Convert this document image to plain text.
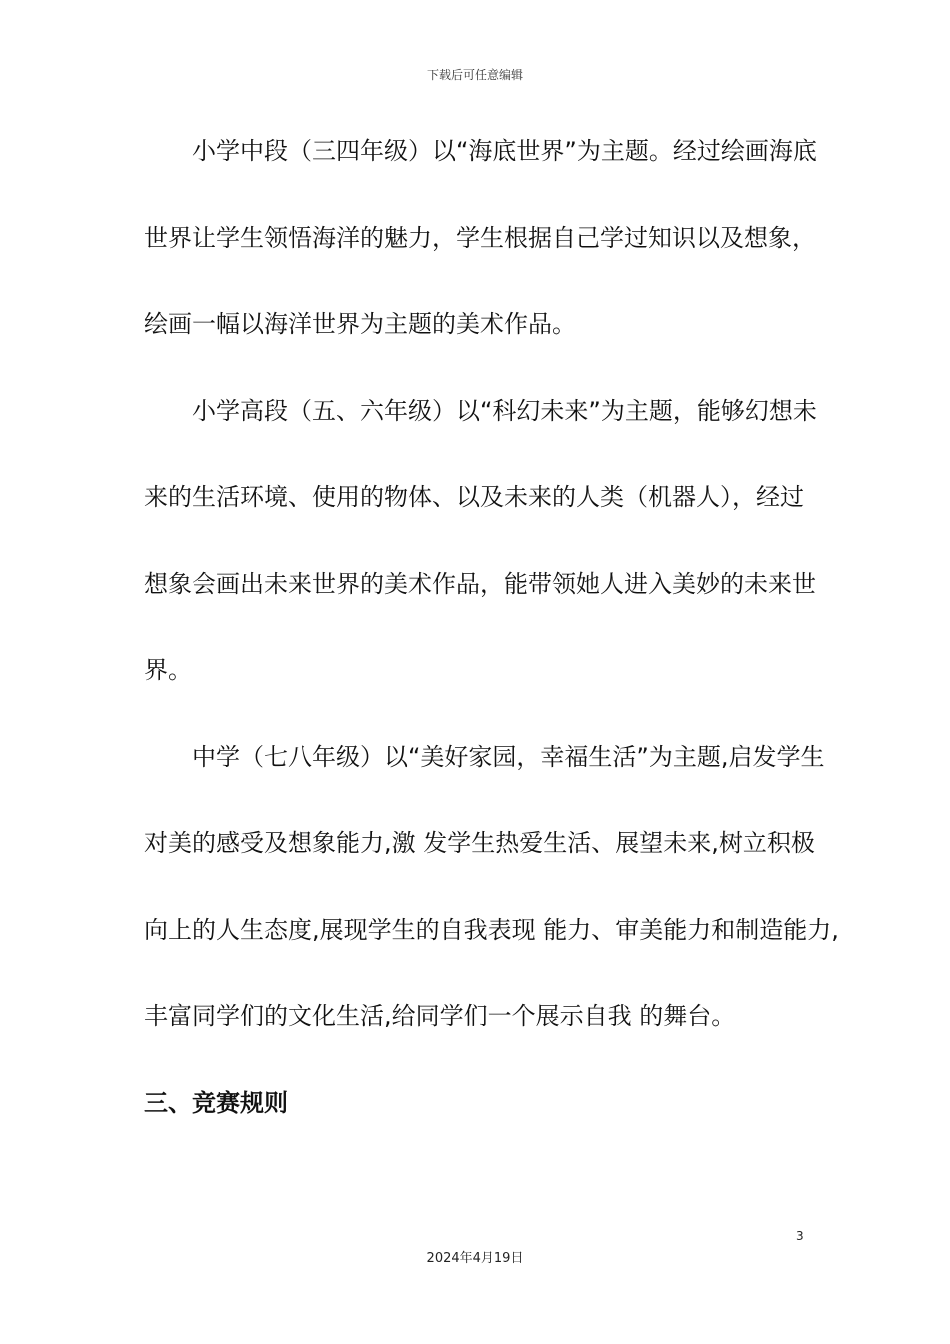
下载后可任意编辑
小学中段（三四年级）以“海底世界”为主题。经过绘画海底
世界让学生领悟海洋的魅力，学生根据自己学过知识以及想象，
绘画一幅以海洋世界为主题的美术作品。
小学高段（五、六年级）以“科幻未来”为主题，能够幻想未
来的生活环境、使用的物体、以及未来的人类（机器人），经过
想象会画出未来世界的美术作品，能带领她人进入美妙的未来世
界。
中学（七八年级）以“美好家园，幸福生活”为主题,启发学生
对美的感受及想象能力,激 发学生热爱生活、展望未来,树立积极
向上的人生态度,展现学生的自我表现 能力、审美能力和制造能力,
丰富同学们的文化生活,给同学们一个展示自我 的舞台。
三、竞赛规则
3
2024年4月19日
